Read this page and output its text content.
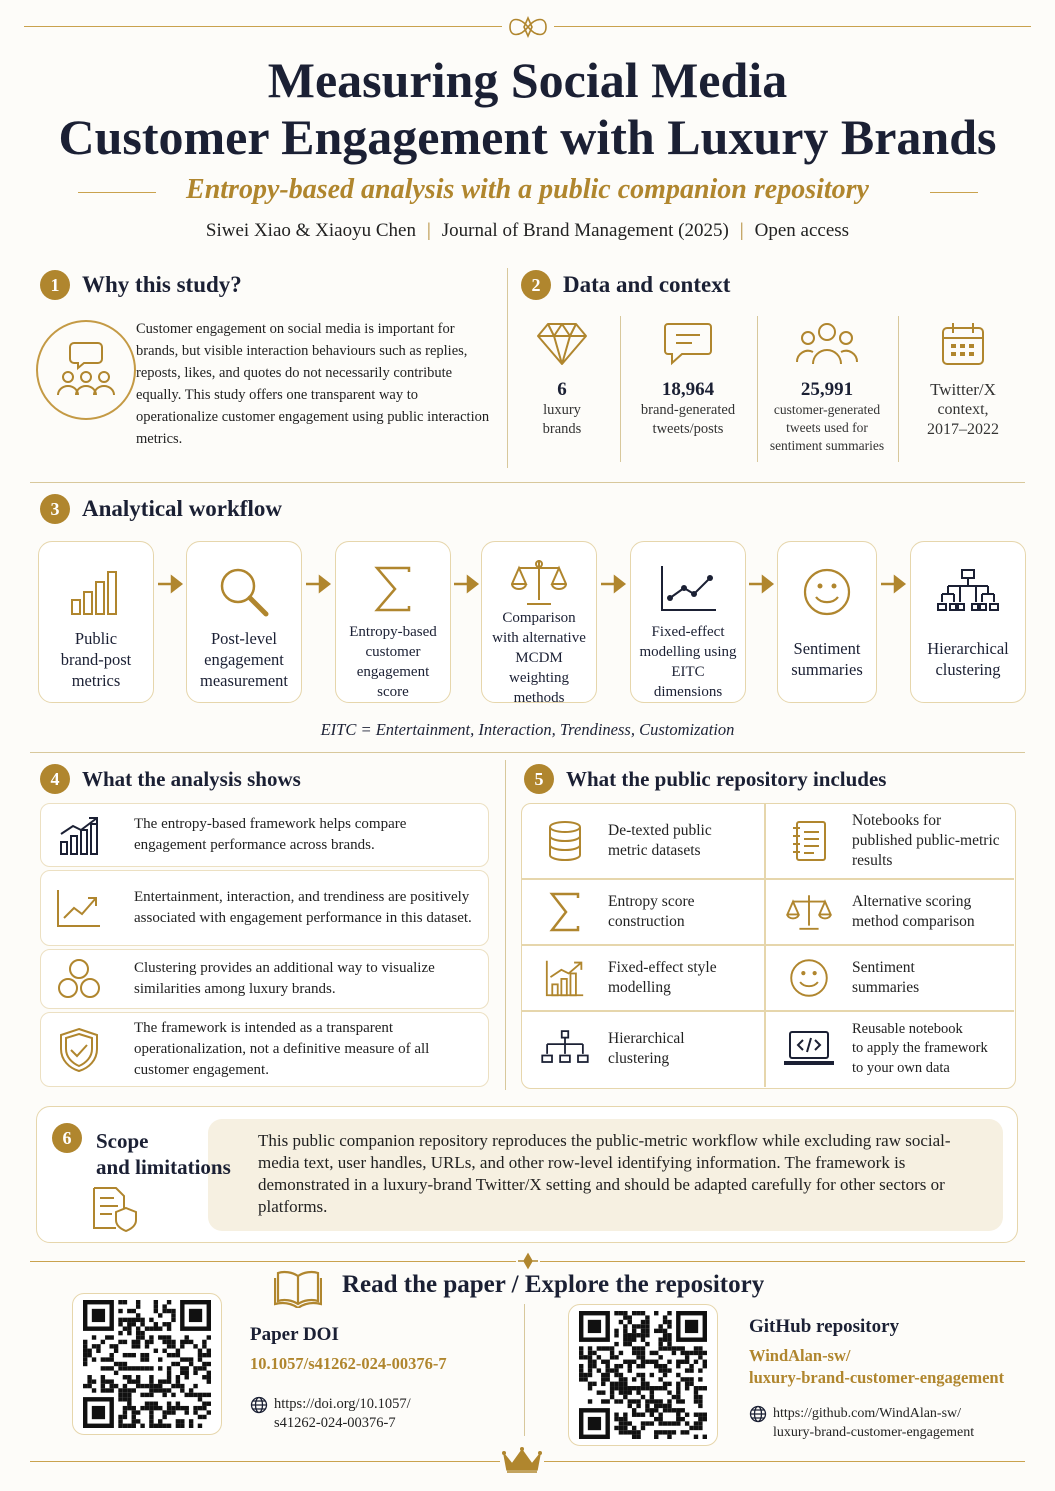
Measuring Social Media
Customer Engagement with Luxury Brands
Entropy-based analysis with a public companion repository
Siwei Xiao & Xiaoyu Chen | Journal of Brand Management (2025) | Open access
1 Why this study?
Customer engagement on social media is important for brands, but visible interaction behaviours such as replies, reposts, likes, and quotes do not necessarily contribute equally. This study offers one transparent way to operationalize customer engagement using public interaction metrics.
2 Data and context
6
luxury
brands
18,964
brand-generated
tweets/posts
25,991
customer-generated
tweets used for
sentiment summaries
Twitter/X
context,
2017–2022
3 Analytical workflow
Public
brand-post
metrics
Post-level
engagement
measurement
Entropy-based
customer
engagement
score
Comparison
with alternative
MCDM weighting
methods
Fixed-effect
modelling using
EITC dimensions
Sentiment
summaries
Hierarchical
clustering
EITC = Entertainment, Interaction, Trendiness, Customization
4	What the analysis shows
The entropy-based framework helps compare engagement performance across brands.
Entertainment, interaction, and trendiness are positively associated with engagement performance in this dataset.
Clustering provides an additional way to visualize similarities among luxury brands.
The framework is intended as a transparent operationalization, not a definitive measure of all customer engagement.
5	What the public repository includes
De-texted public
metric datasets
Notebooks for
published public-metric
results
Entropy score
construction
Alternative scoring
method comparison
Fixed-effect style
modelling
Sentiment
summaries
Hierarchical
clustering
Reusable notebook
to apply the framework
to your own data
6	Scope
and limitations
This public companion repository reproduces the public-metric workflow while excluding raw social-media text, user handles, URLs, and other row-level identifying information. The framework is demonstrated in a luxury-brand Twitter/X setting and should be adapted carefully for other sectors or platforms.
Read the paper / Explore the repository
Paper DOI
10.1057/s41262-024-00376-7
https://doi.org/10.1057/
s41262-024-00376-7
GitHub repository
WindAlan-sw/
luxury-brand-customer-engagement
https://github.com/WindAlan-sw/
luxury-brand-customer-engagement
